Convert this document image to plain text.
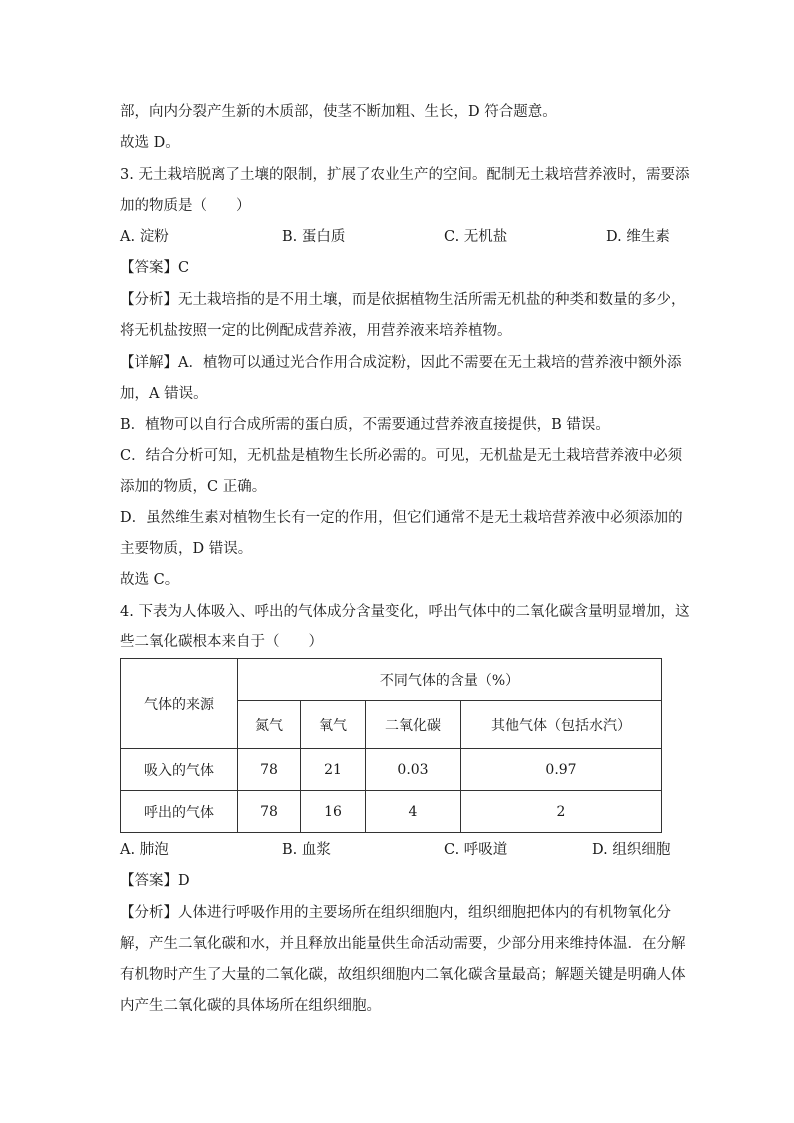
部，向内分裂产生新的木质部，使茎不断加粗、生长，D 符合题意。
故选 D。
3. 无土栽培脱离了土壤的限制，扩展了农业生产的空间。配制无土栽培营养液时，需要添
加的物质是（　　）
A. 淀粉	B. 蛋白质	C. 无机盐	D. 维生素
【答案】C
【分析】无土栽培指的是不用土壤，而是依据植物生活所需无机盐的种类和数量的多少，
将无机盐按照一定的比例配成营养液，用营养液来培养植物。
【详解】A．植物可以通过光合作用合成淀粉，因此不需要在无土栽培的营养液中额外添
加，A 错误。
B．植物可以自行合成所需的蛋白质，不需要通过营养液直接提供，B 错误。
C．结合分析可知，无机盐是植物生长所必需的。可见，无机盐是无土栽培营养液中必须
添加的物质，C 正确。
D．虽然维生素对植物生长有一定的作用，但它们通常不是无土栽培营养液中必须添加的
主要物质，D 错误。
故选 C。
4. 下表为人体吸入、呼出的气体成分含量变化，呼出气体中的二氧化碳含量明显增加，这
些二氧化碳根本来自于（　　）
气体的来源	不同气体的含量（%）			
	氮气	氧气	二氧化碳	其他气体（包括水汽）
吸入的气体	78	21	0.03	0.97
呼出的气体	78	16	4	2
A. 肺泡	B. 血浆	C. 呼吸道	D. 组织细胞
【答案】D
【分析】人体进行呼吸作用的主要场所在组织细胞内，组织细胞把体内的有机物氧化分
解，产生二氧化碳和水，并且释放出能量供生命活动需要，少部分用来维持体温．在分解
有机物时产生了大量的二氧化碳，故组织细胞内二氧化碳含量最高；解题关键是明确人体
内产生二氧化碳的具体场所在组织细胞。
